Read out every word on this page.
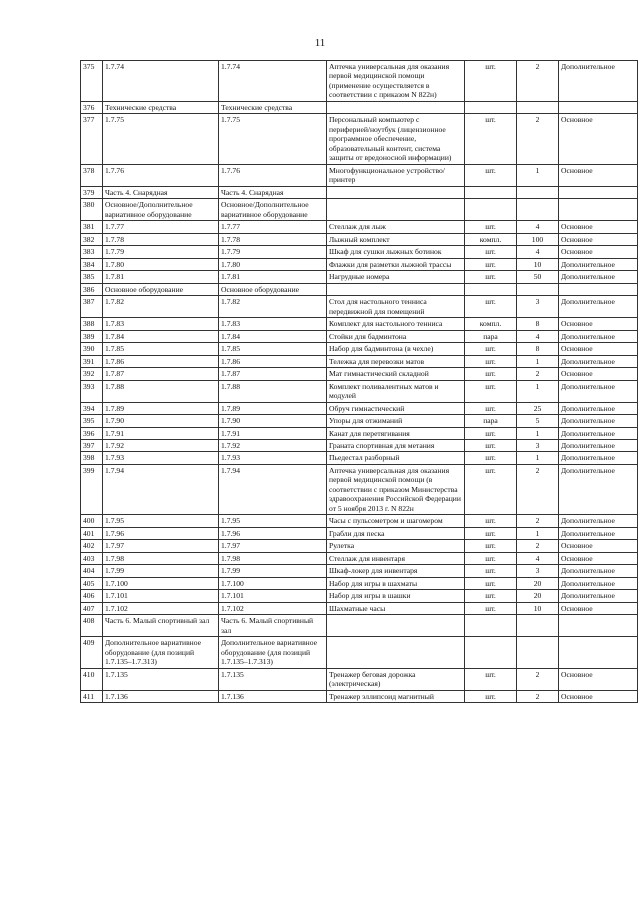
11
375	1.7.74	1.7.74	Аптечка универсальная для оказания первой медицинской помощи (применение осуществляется в соответствии с приказом N 822н)	шт.	2	Дополнительное
376	Технические средства	Технические средства				
377	1.7.75	1.7.75	Персональный компьютер с периферией/ноутбук (лицензионное программное обеспечение, образовательный контент, система защиты от вредоносной информации)	шт.	2	Основное
378	1.7.76	1.7.76	Многофункциональное устройство/принтер	шт.	1	Основное
379	Часть 4. Снарядная	Часть 4. Снарядная				
380	Основное/Дополнительное вариативное оборудование	Основное/Дополнительное вариативное оборудование				
381	1.7.77	1.7.77	Стеллаж для лыж	шт.	4	Основное
382	1.7.78	1.7.78	Лыжный комплект	компл.	100	Основное
383	1.7.79	1.7.79	Шкаф для сушки лыжных ботинок	шт.	4	Основное
384	1.7.80	1.7.80	Флажки для разметки лыжной трассы	шт.	10	Дополнительное
385	1.7.81	1.7.81	Нагрудные номера	шт.	50	Дополнительное
386	Основное оборудование	Основное оборудование				
387	1.7.82	1.7.82	Стол для настольного тенниса передвижной для помещений	шт.	3	Дополнительное
388	1.7.83	1.7.83	Комплект для настольного тенниса	компл.	8	Основное
389	1.7.84	1.7.84	Стойки для бадминтона	пара	4	Дополнительное
390	1.7.85	1.7.85	Набор для бадминтона (в чехле)	шт.	8	Основное
391	1.7.86	1.7.86	Тележка для перевозки матов	шт.	1	Дополнительное
392	1.7.87	1.7.87	Мат гимнастический складной	шт.	2	Основное
393	1.7.88	1.7.88	Комплект поливалентных матов и модулей	шт.	1	Дополнительное
394	1.7.89	1.7.89	Обруч гимнастический	шт.	25	Дополнительное
395	1.7.90	1.7.90	Упоры для отжиманий	пара	5	Дополнительное
396	1.7.91	1.7.91	Канат для перетягивания	шт.	1	Дополнительное
397	1.7.92	1.7.92	Граната спортивная для метания	шт.	3	Дополнительное
398	1.7.93	1.7.93	Пьедестал разборный	шт.	1	Дополнительное
399	1.7.94	1.7.94	Аптечка универсальная для оказания первой медицинской помощи (в соответствии с приказом Министерства здравоохранения Российской Федерации от 5 ноября 2013 г. N 822н	шт.	2	Дополнительное
400	1.7.95	1.7.95	Часы с пульсометром и шагомером	шт.	2	Дополнительное
401	1.7.96	1.7.96	Грабли для песка	шт.	1	Дополнительное
402	1.7.97	1.7.97	Рулетка	шт.	2	Основное
403	1.7.98	1.7.98	Стеллаж для инвентаря	шт.	4	Основное
404	1.7.99	1.7.99	Шкаф-локер для инвентаря	шт.	3	Дополнительное
405	1.7.100	1.7.100	Набор для игры в шахматы	шт.	20	Дополнительное
406	1.7.101	1.7.101	Набор для игры в шашки	шт.	20	Дополнительное
407	1.7.102	1.7.102	Шахматные часы	шт.	10	Основное
408	Часть 6. Малый спортивный зал	Часть 6. Малый спортивный зал				
409	Дополнительное вариативное оборудование (для позиций 1.7.135–1.7.313)	Дополнительное вариативное оборудование (для позиций 1.7.135–1.7.313)				
410	1.7.135	1.7.135	Тренажер беговая дорожка (электрическая)	шт.	2	Основное
411	1.7.136	1.7.136	Тренажер эллипсоид магнитный	шт.	2	Основное
